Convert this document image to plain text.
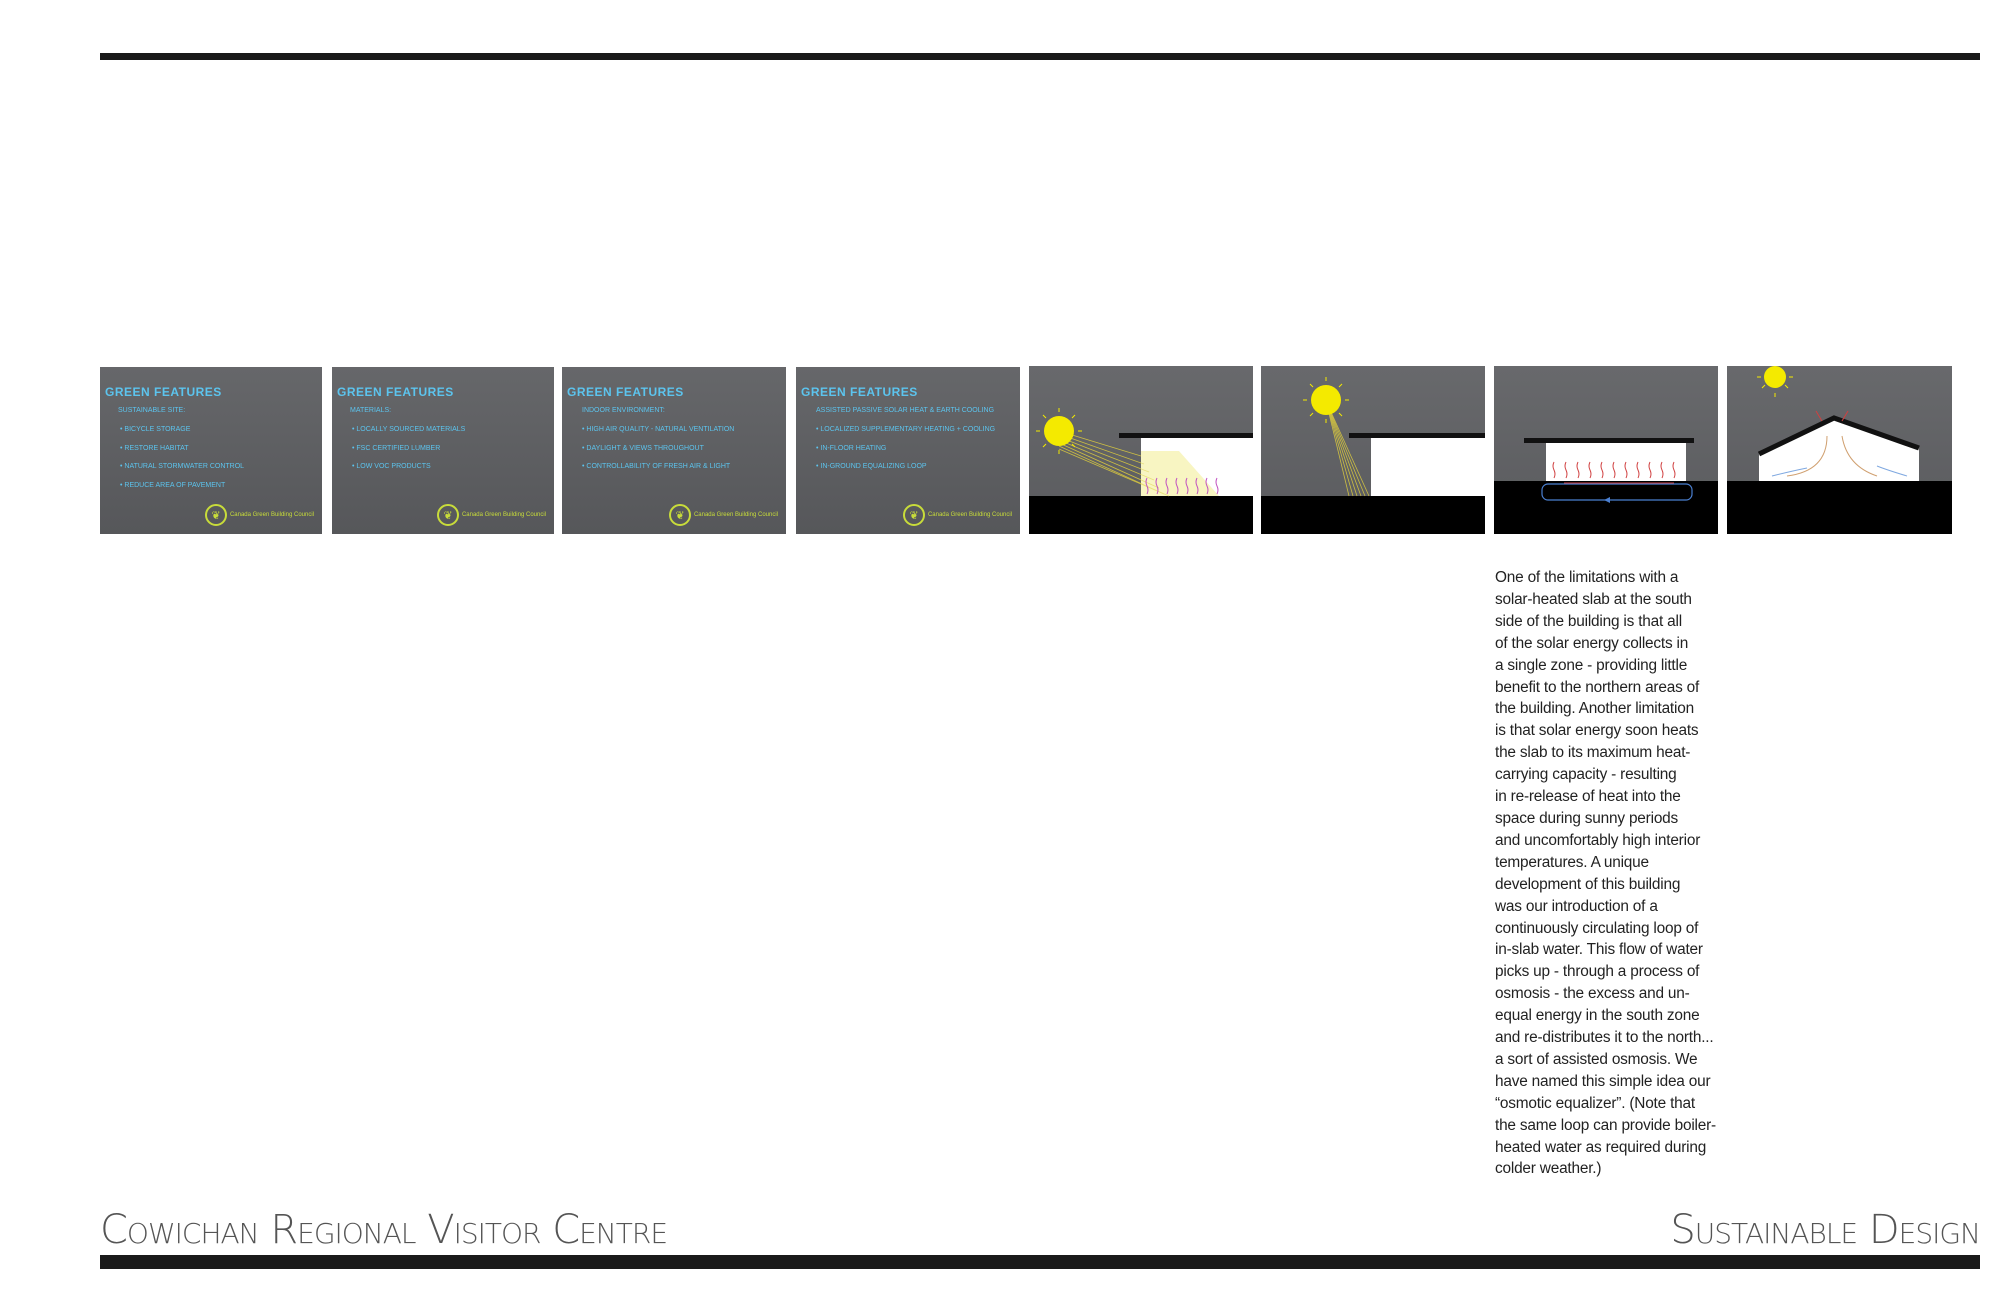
GREEN FEATURES
SUSTAINABLE SITE:
• BICYCLE STORAGE
• RESTORE HABITAT
• NATURAL STORMWATER CONTROL
• REDUCE AREA OF PAVEMENT
❦	Canada Green Building Council
GREEN FEATURES
MATERIALS:
• LOCALLY SOURCED MATERIALS
• FSC CERTIFIED LUMBER
• LOW VOC PRODUCTS
❦	Canada Green Building Council
GREEN FEATURES
INDOOR ENVIRONMENT:
• HIGH AIR QUALITY - NATURAL VENTILATION
• DAYLIGHT & VIEWS THROUGHOUT
• CONTROLLABILITY OF FRESH AIR & LIGHT
❦	Canada Green Building Council
GREEN FEATURES
ASSISTED PASSIVE SOLAR HEAT & EARTH COOLING
• LOCALIZED SUPPLEMENTARY HEATING + COOLING
• IN-FLOOR HEATING
• IN-GROUND EQUALIZING LOOP
❦	Canada Green Building Council
One of the limitations with a
solar-heated slab at the south
side of the building is that all
of the solar energy collects in
a single zone - providing little
benefit to the northern areas of
the building. Another limitation
is that solar energy soon heats
the slab to its maximum heat-
carrying capacity - resulting
in re-release of heat into the
space during sunny periods
and uncomfortably high interior
temperatures. A unique
development of this building
was our introduction of a
continuously circulating loop of
in-slab water. This flow of water
picks up - through a process of
osmosis - the excess and un-
equal energy in the south zone
and re-distributes it to the north...
a sort of assisted osmosis. We
have named this simple idea our
“osmotic equalizer”. (Note that
the same loop can provide boiler-
heated water as required during
colder weather.)
Cowichan Regional Visitor Centre	Sustainable Design
